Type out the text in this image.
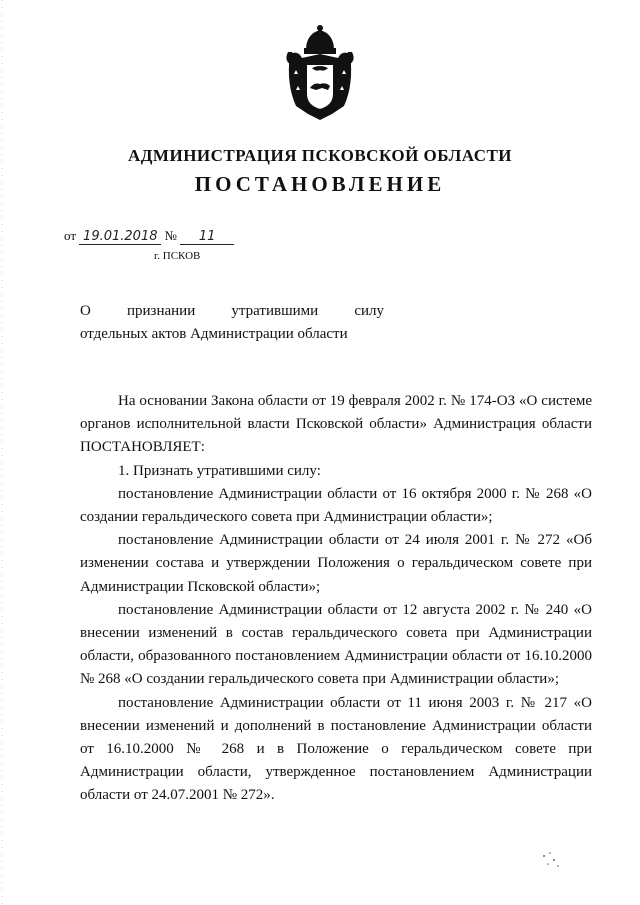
АДМИНИСТРАЦИЯ ПСКОВСКОЙ ОБЛАСТИ
ПОСТАНОВЛЕНИЕ
от 19.01.2018 № 11
г. ПСКОВ
О признании утратившими силу
отдельных актов Администрации области

На основании Закона области от 19 февраля 2002 г. № 174-ОЗ «О системе органов исполнительной власти Псковской области» Администрация области ПОСТАНОВЛЯЕТ:

1. Признать утратившими силу:

постановление Администрации области от 16 октября 2000 г. № 268 «О создании геральдического совета при Администрации области»;

постановление Администрации области от 24 июля 2001 г. № 272 «Об изменении состава и утверждении Положения о геральдическом совете при Администрации Псковской области»;

постановление Администрации области от 12 августа 2002 г. № 240 «О внесении изменений в состав геральдического совета при Администрации области, образованного постановлением Администрации области от 16.10.2000 № 268 «О создании геральдического совета при Администрации области»;

постановление Администрации области от 11 июня 2003 г. № 217 «О внесении изменений и дополнений в постановление Администрации области от 16.10.2000 № 268 и в Положение о геральдическом совете при Администрации области, утвержденное постановлением Администрации области от 24.07.2001 № 272».
